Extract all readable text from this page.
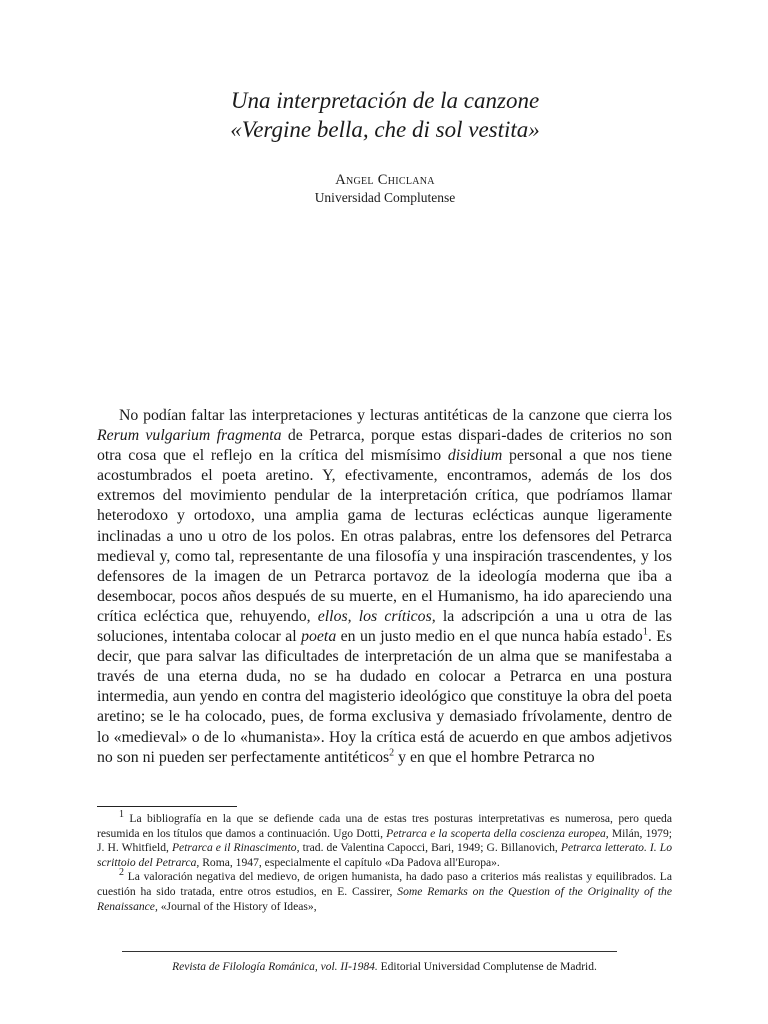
Una interpretación de la canzone
«Vergine bella, che di sol vestita»
Angel Chiclana
Universidad Complutense

No podían faltar las interpretaciones y lecturas antitéticas de la canzone que cierra los Rerum vulgarium fragmenta de Petrarca, porque estas dispari-dades de criterios no son otra cosa que el reflejo en la crítica del mismísimo disidium personal a que nos tiene acostumbrados el poeta aretino. Y, efectivamente, encontramos, además de los dos extremos del movimiento pendular de la interpretación crítica, que podríamos llamar heterodoxo y ortodoxo, una amplia gama de lecturas eclécticas aunque ligeramente inclinadas a uno u otro de los polos. En otras palabras, entre los defensores del Petrarca medieval y, como tal, representante de una filosofía y una inspiración trascendentes, y los defensores de la imagen de un Petrarca portavoz de la ideología moderna que iba a desembocar, pocos años después de su muerte, en el Humanismo, ha ido apareciendo una crítica ecléctica que, rehuyendo, ellos, los críticos, la adscripción a una u otra de las soluciones, intentaba colocar al poeta en un justo medio en el que nunca había estado$^1$. Es decir, que para salvar las dificultades de interpretación de un alma que se manifestaba a través de una eterna duda, no se ha dudado en colocar a Petrarca en una postura intermedia, aun yendo en contra del magisterio ideológico que constituye la obra del poeta aretino; se le ha colocado, pues, de forma exclusiva y demasiado frívolamente, dentro de lo «medieval» o de lo «humanista». Hoy la crítica está de acuerdo en que ambos adjetivos no son ni pueden ser perfectamente antitéticos$^2$ y en que el hombre Petrarca no

$^1$ La bibliografía en la que se defiende cada una de estas tres posturas interpretativas es numerosa, pero queda resumida en los títulos que damos a continuación. Ugo Dotti, Petrarca e la scoperta della coscienza europea, Milán, 1979; J. H. Whitfield, Petrarca e il Rinascimento, trad. de Valentina Capocci, Bari, 1949; G. Billanovich, Petrarca letterato. I. Lo scrittoio del Petrarca, Roma, 1947, especialmente el capítulo «Da Padova all'Europa».

$^2$ La valoración negativa del medievo, de origen humanista, ha dado paso a criterios más realistas y equilibrados. La cuestión ha sido tratada, entre otros estudios, en E. Cassirer, Some Remarks on the Question of the Originality of the Renaissance, «Journal of the History of Ideas»,

Revista de Filología Románica, vol. II-1984. Editorial Universidad Complutense de Madrid.
